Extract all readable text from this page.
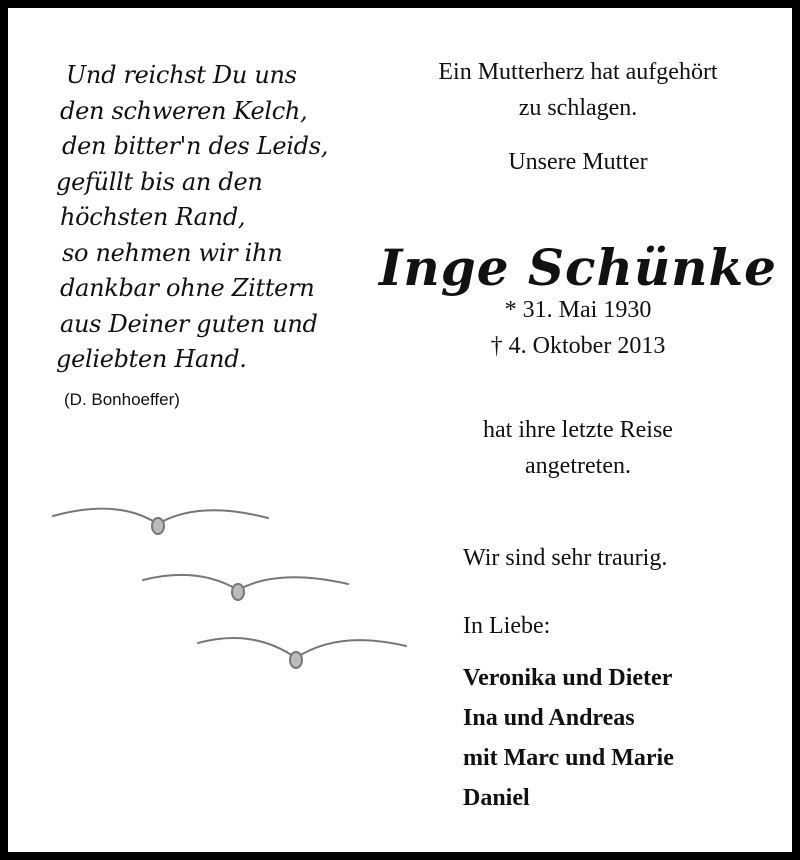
Und reichst Du uns
den schweren Kelch,
den bitter'n des Leids,
gefüllt bis an den
höchsten Rand,
so nehmen wir ihn
dankbar ohne Zittern
aus Deiner guten und
geliebten Hand.
(D. Bonhoeffer)
Ein Mutterherz hat aufgehört
zu schlagen.
Unsere Mutter
Inge Schünke
* 31. Mai 1930
† 4. Oktober 2013
hat ihre letzte Reise
angetreten.
Wir sind sehr traurig.
In Liebe:
Veronika und Dieter
Ina und Andreas
mit Marc und Marie
Daniel
